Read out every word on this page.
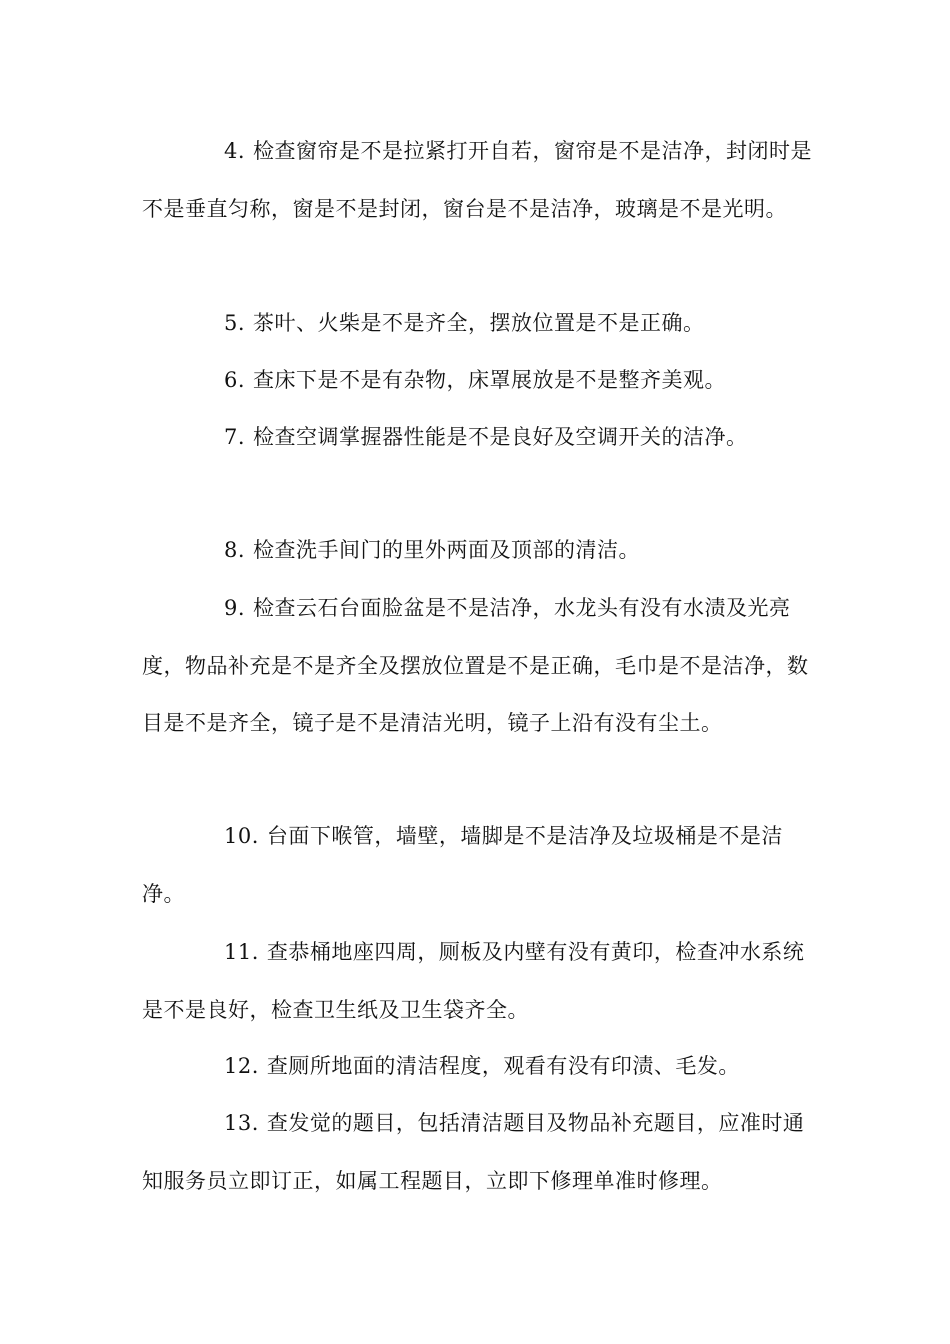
4. 检查窗帘是不是拉紧打开自若，窗帘是不是洁净，封闭时是不是垂直匀称，窗是不是封闭，窗台是不是洁净，玻璃是不是光明。

5. 茶叶、火柴是不是齐全，摆放位置是不是正确。

6. 查床下是不是有杂物，床罩展放是不是整齐美观。

7. 检查空调掌握器性能是不是良好及空调开关的洁净。

8. 检查洗手间门的里外两面及顶部的清洁。

9. 检查云石台面脸盆是不是洁净，水龙头有没有水渍及光亮度，物品补充是不是齐全及摆放位置是不是正确，毛巾是不是洁净，数目是不是齐全，镜子是不是清洁光明，镜子上沿有没有尘土。

10. 台面下喉管，墙壁，墙脚是不是洁净及垃圾桶是不是洁净。

11. 查恭桶地座四周，厕板及内壁有没有黄印，检查冲水系统是不是良好，检查卫生纸及卫生袋齐全。

12. 查厕所地面的清洁程度，观看有没有印渍、毛发。

13. 查发觉的题目，包括清洁题目及物品补充题目，应准时通知服务员立即订正，如属工程题目，立即下修理单准时修理。
